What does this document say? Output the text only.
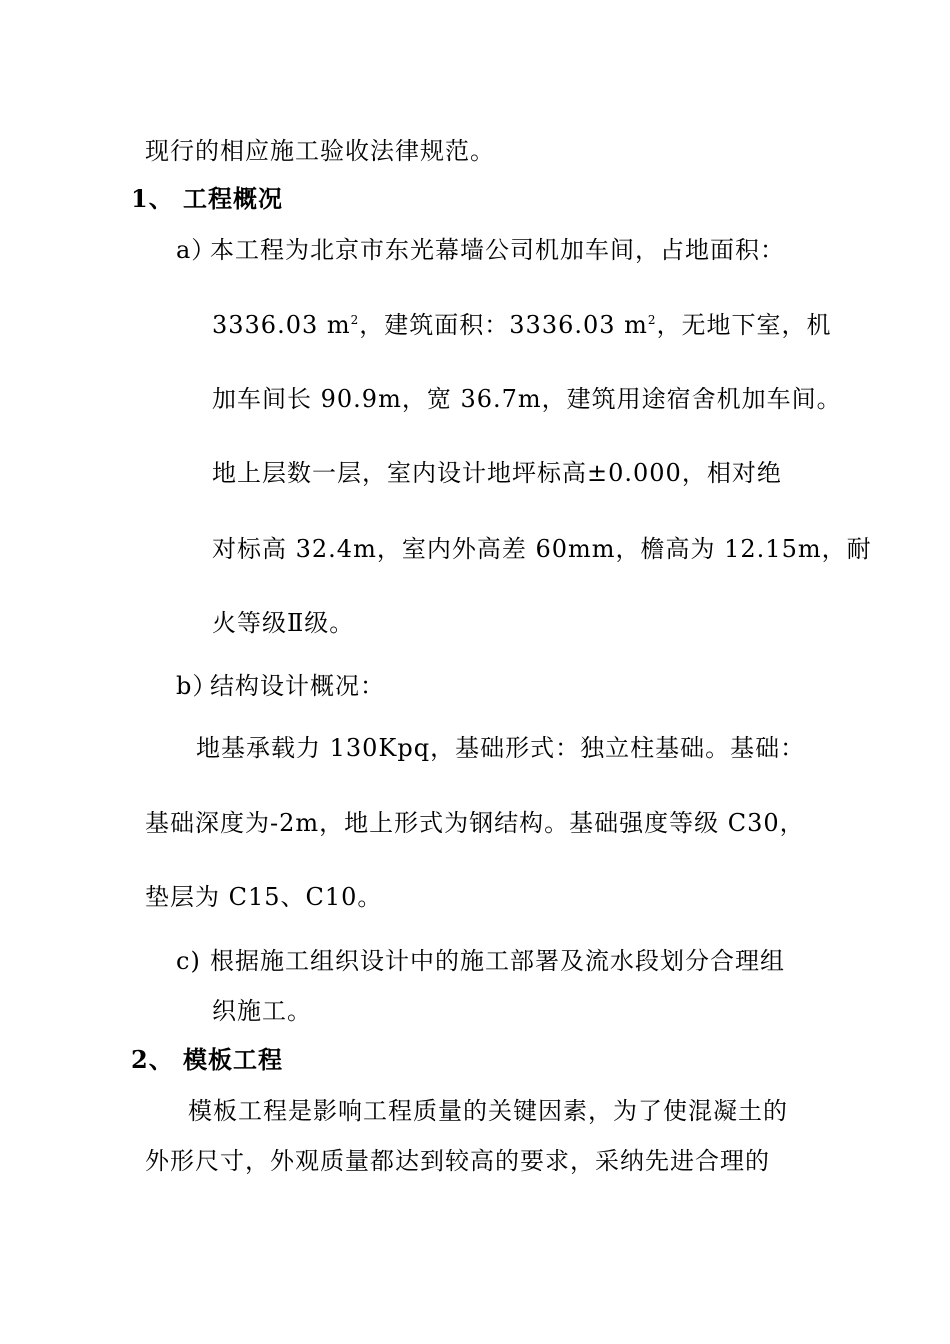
现行的相应施工验收法律规范。
1、 工程概况
a）本工程为北京市东光幕墙公司机加车间，占地面积：
3336.03 $m^2$，建筑面积：3336.03 $m^2$，无地下室，机
加车间长 90.9m，宽 36.7m，建筑用途宿舍机加车间。
地上层数一层，室内设计地坪标高±0.000，相对绝
对标高 32.4m，室内外高差 60mm，檐高为 12.15m，耐
火等级Ⅱ级。
b）结构设计概况：
地基承载力 130Kpq，基础形式：独立柱基础。基础：
基础深度为-2m，地上形式为钢结构。基础强度等级 C30，
垫层为 C15、C10。
c) 根据施工组织设计中的施工部署及流水段划分合理组
织施工。
2、 模板工程
模板工程是影响工程质量的关键因素，为了使混凝土的
外形尺寸，外观质量都达到较高的要求，采纳先进合理的
